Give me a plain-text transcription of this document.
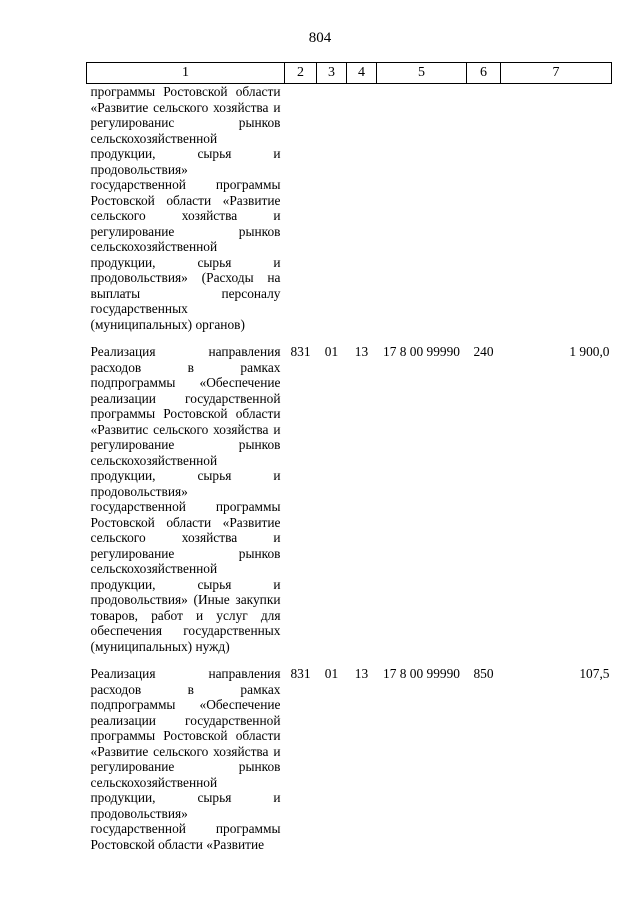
804
1	2	3	4	5	6	7
программы Ростовской области «Развитие сельского хозяйства и регулированис рынков сельскохозяйственной продукции, сырья и продовольствия» государственной программы Ростовской области «Развитие сельского хозяйства и регулирование рынков сельскохозяйственной продукции, сырья и продовольствия» (Расходы на выплаты персоналу государственных (муниципальных) органов)						

Реализация направления расходов в рамках подпрограммы «Обеспечение реализации государственной программы Ростовской области «Развитис сельского хозяйства и регулирование рынков сельскохозяйственной продукции, сырья и продовольствия» государственной программы Ростовской области «Развитие сельского хозяйства и регулирование рынков сельскохозяйственной продукции, сырья и продовольствия» (Иные закупки товаров, работ и услуг для обеспечения государственных (муниципальных) нужд)	831	01	13	17 8 00 99990	240	1 900,0

Реализация направления расходов в рамках подпрограммы «Обеспечение реализации государственной программы Ростовской области «Развитие сельского хозяйства и регулирование рынков сельскохозяйственной продукции, сырья и продовольствия» государственной программы Ростовской области «Развитие	831	01	13	17 8 00 99990	850	107,5
